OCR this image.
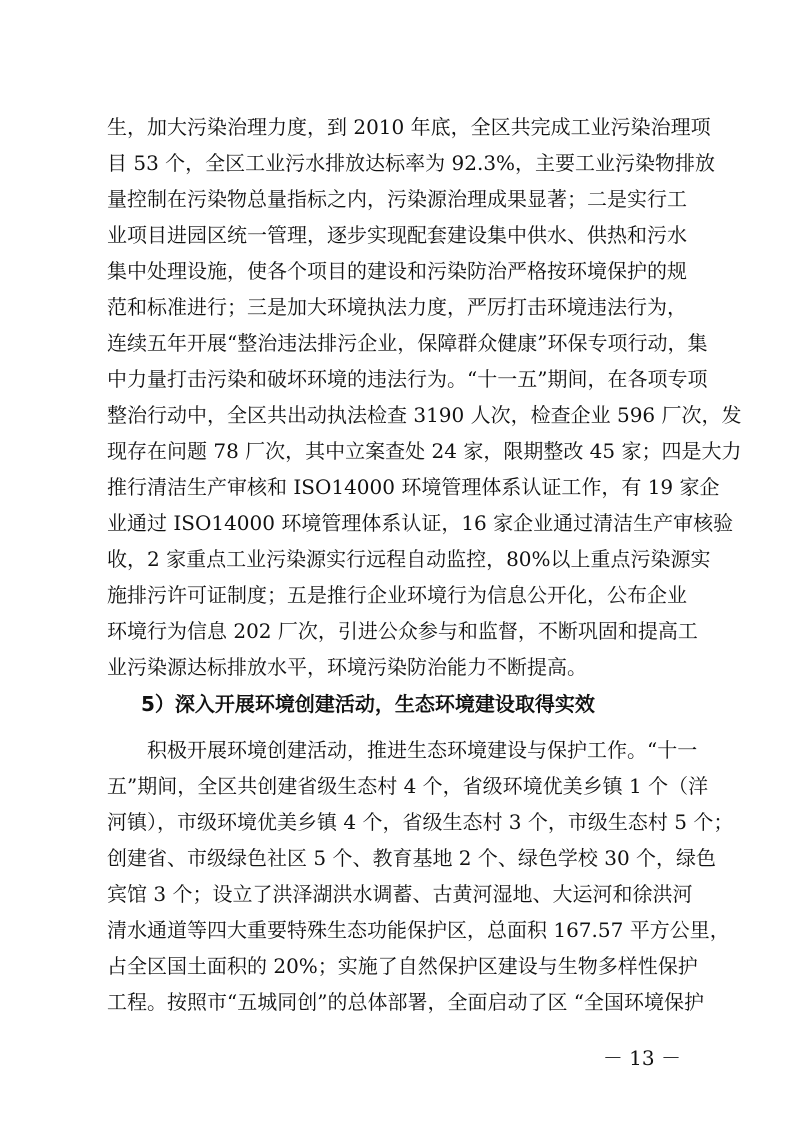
生，加大污染治理力度，到 2010 年底，全区共完成工业污染治理项
目 53 个，全区工业污水排放达标率为 92.3%，主要工业污染物排放
量控制在污染物总量指标之内，污染源治理成果显著；二是实行工
业项目进园区统一管理，逐步实现配套建设集中供水、供热和污水
集中处理设施，使各个项目的建设和污染防治严格按环境保护的规
范和标准进行；三是加大环境执法力度，严厉打击环境违法行为，
连续五年开展“整治违法排污企业，保障群众健康”环保专项行动，集
中力量打击污染和破坏环境的违法行为。“十一五”期间，在各项专项
整治行动中，全区共出动执法检查 3190 人次，检查企业 596 厂次，发
现存在问题 78 厂次，其中立案查处 24 家，限期整改 45 家；四是大力
推行清洁生产审核和 ISO14000 环境管理体系认证工作，有 19 家企
业通过 ISO14000 环境管理体系认证，16 家企业通过清洁生产审核验
收，2 家重点工业污染源实行远程自动监控，80%以上重点污染源实
施排污许可证制度；五是推行企业环境行为信息公开化，公布企业
环境行为信息 202 厂次，引进公众参与和监督，不断巩固和提高工
业污染源达标排放水平，环境污染防治能力不断提高。
5）深入开展环境创建活动，生态环境建设取得实效
积极开展环境创建活动，推进生态环境建设与保护工作。“十一
五”期间，全区共创建省级生态村 4 个，省级环境优美乡镇 1 个（洋
河镇），市级环境优美乡镇 4 个，省级生态村 3 个，市级生态村 5 个；
创建省、市级绿色社区 5 个、教育基地 2 个、绿色学校 30 个，绿色
宾馆 3 个；设立了洪泽湖洪水调蓄、古黄河湿地、大运河和徐洪河
清水通道等四大重要特殊生态功能保护区，总面积 167.57 平方公里，
占全区国土面积的 20%；实施了自然保护区建设与生物多样性保护
工程。按照市“五城同创”的总体部署，全面启动了区 “全国环境保护
－ 13 －
